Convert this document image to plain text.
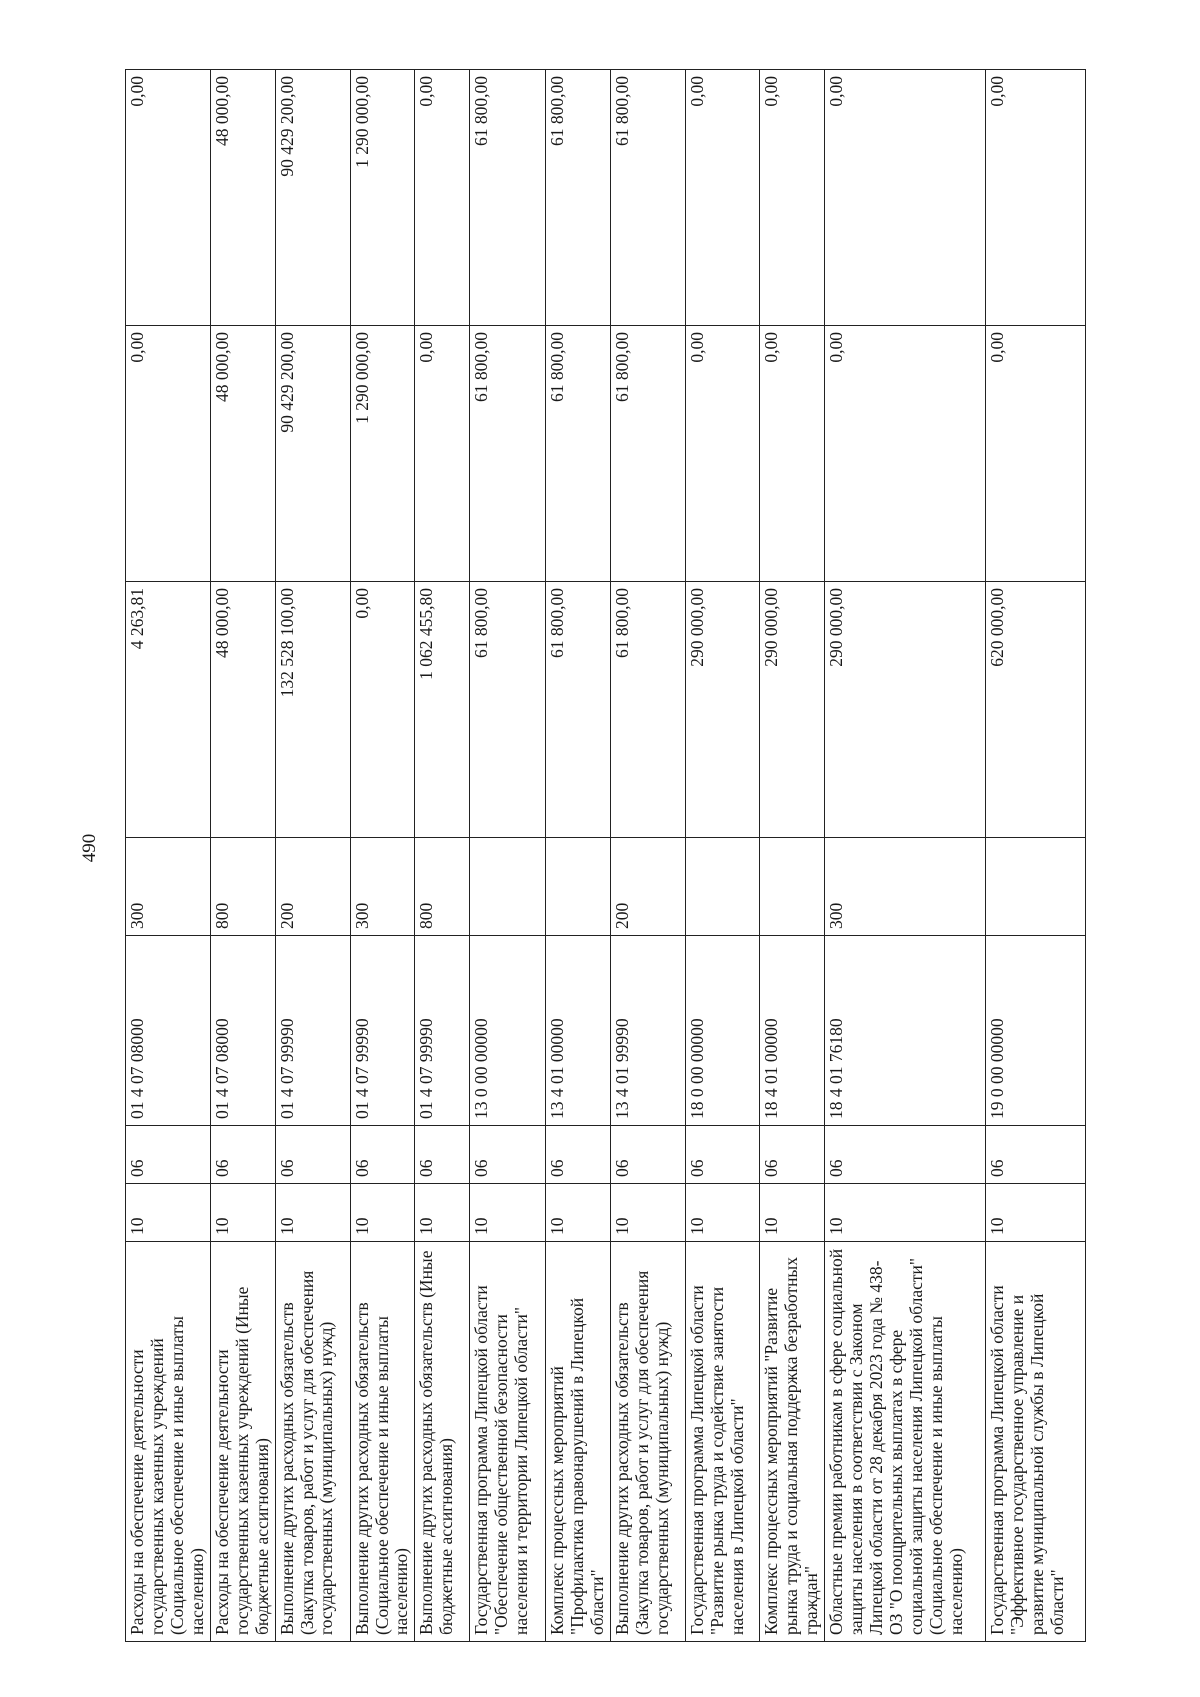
490
Расходы на обеспечение деятельности государственных казенных учреждений (Социальное обеспечение и иные выплаты населению)	10	06	01 4 07 08000	300	4 263,81	0,00	0,00
Расходы на обеспечение деятельности государственных казенных учреждений (Иные бюджетные ассигнования)	10	06	01 4 07 08000	800	48 000,00	48 000,00	48 000,00
Выполнение других расходных обязательств (Закупка товаров, работ и услуг для обеспечения государственных (муниципальных) нужд)	10	06	01 4 07 99990	200	132 528 100,00	90 429 200,00	90 429 200,00
Выполнение других расходных обязательств (Социальное обеспечение и иные выплаты населению)	10	06	01 4 07 99990	300	0,00	1 290 000,00	1 290 000,00
Выполнение других расходных обязательств (Иные бюджетные ассигнования)	10	06	01 4 07 99990	800	1 062 455,80	0,00	0,00
Государственная программа Липецкой области "Обеспечение общественной безопасности населения и территории Липецкой области"	10	06	13 0 00 00000		61 800,00	61 800,00	61 800,00
Комплекс процессных мероприятий "Профилактика правонарушений в Липецкой области"	10	06	13 4 01 00000		61 800,00	61 800,00	61 800,00
Выполнение других расходных обязательств (Закупка товаров, работ и услуг для обеспечения государственных (муниципальных) нужд)	10	06	13 4 01 99990	200	61 800,00	61 800,00	61 800,00
Государственная программа Липецкой области "Развитие рынка труда и содействие занятости населения в Липецкой области"	10	06	18 0 00 00000		290 000,00	0,00	0,00
Комплекс процессных мероприятий "Развитие рынка труда и социальная поддержка безработных граждан"	10	06	18 4 01 00000		290 000,00	0,00	0,00
Областные премии работникам в сфере социальной защиты населения в соответствии с Законом Липецкой области от 28 декабря 2023 года № 438-ОЗ "О поощрительных выплатах в сфере социальной защиты населения Липецкой области" (Социальное обеспечение и иные выплаты населению)	10	06	18 4 01 76180	300	290 000,00	0,00	0,00
Государственная программа Липецкой области "Эффективное государственное управление и развитие муниципальной службы в Липецкой области"	10	06	19 0 00 00000		620 000,00	0,00	0,00
